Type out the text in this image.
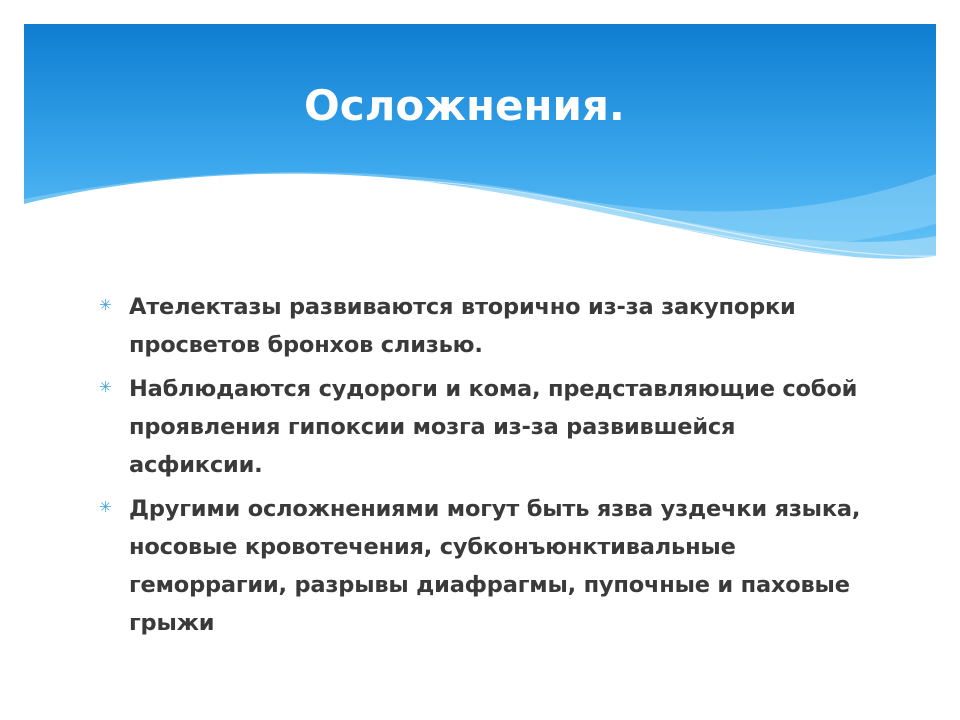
Осложнения.
✳ Ателектазы развиваются вторично из-за закупорки просветов бронхов слизью.
✳ Наблюдаются судороги и кома, представляющие собой проявления гипоксии мозга из-за развившейся асфиксии.
✳ Другими осложнениями могут быть язва уздечки языка, носовые кровотечения, субконъюнктивальные геморрагии, разрывы диафрагмы, пупочные и паховые грыжи
